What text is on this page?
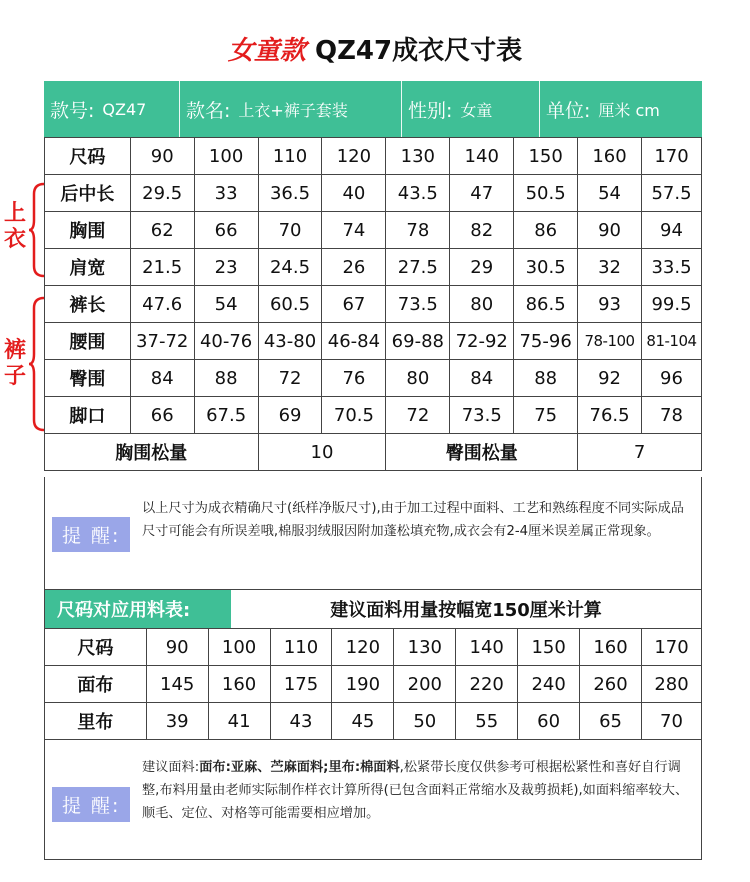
女童款 QZ47成衣尺寸表
款号: QZ47 款名: 上衣+裤子套装	性别: 女童	单位: 厘米 cm
上衣
裤子
尺码	90	100	110	120	130	140	150	160	170
后中长	29.5	33	36.5	40	43.5	47	50.5	54	57.5
胸围	62	66	70	74	78	82	86	90	94
肩宽	21.5	23	24.5	26	27.5	29	30.5	32	33.5
裤长	47.6	54	60.5	67	73.5	80	86.5	93	99.5
腰围	37-72	40-76	43-80	46-84	69-88	72-92	75-96	78-100	81-104
臀围	84	88	72	76	80	84	88	92	96
脚口	66	67.5	69	70.5	72	73.5	75	76.5	78
胸围松量			10		臀围松量			7	
提 醒:
以上尺寸为成衣精确尺寸(纸样净版尺寸),由于加工过程中面料、工艺和熟练程度不同实际成品尺寸可能会有所误差哦,棉服羽绒服因附加蓬松填充物,成衣会有2-4厘米误差属正常现象。
尺码对应用料表:	建议面料用量按幅宽150厘米计算
尺码	90	100	110	120	130	140	150	160	170
面布	145	160	175	190	200	220	240	260	280
里布	39	41	43	45	50	55	60	65	70
提 醒:
建议面料:面布:亚麻、苎麻面料;里布:棉面料,松紧带长度仅供参考可根据松紧性和喜好自行调整,布料用量由老师实际制作样衣计算所得(已包含面料正常缩水及裁剪损耗),如面料缩率较大、顺毛、定位、对格等可能需要相应增加。
